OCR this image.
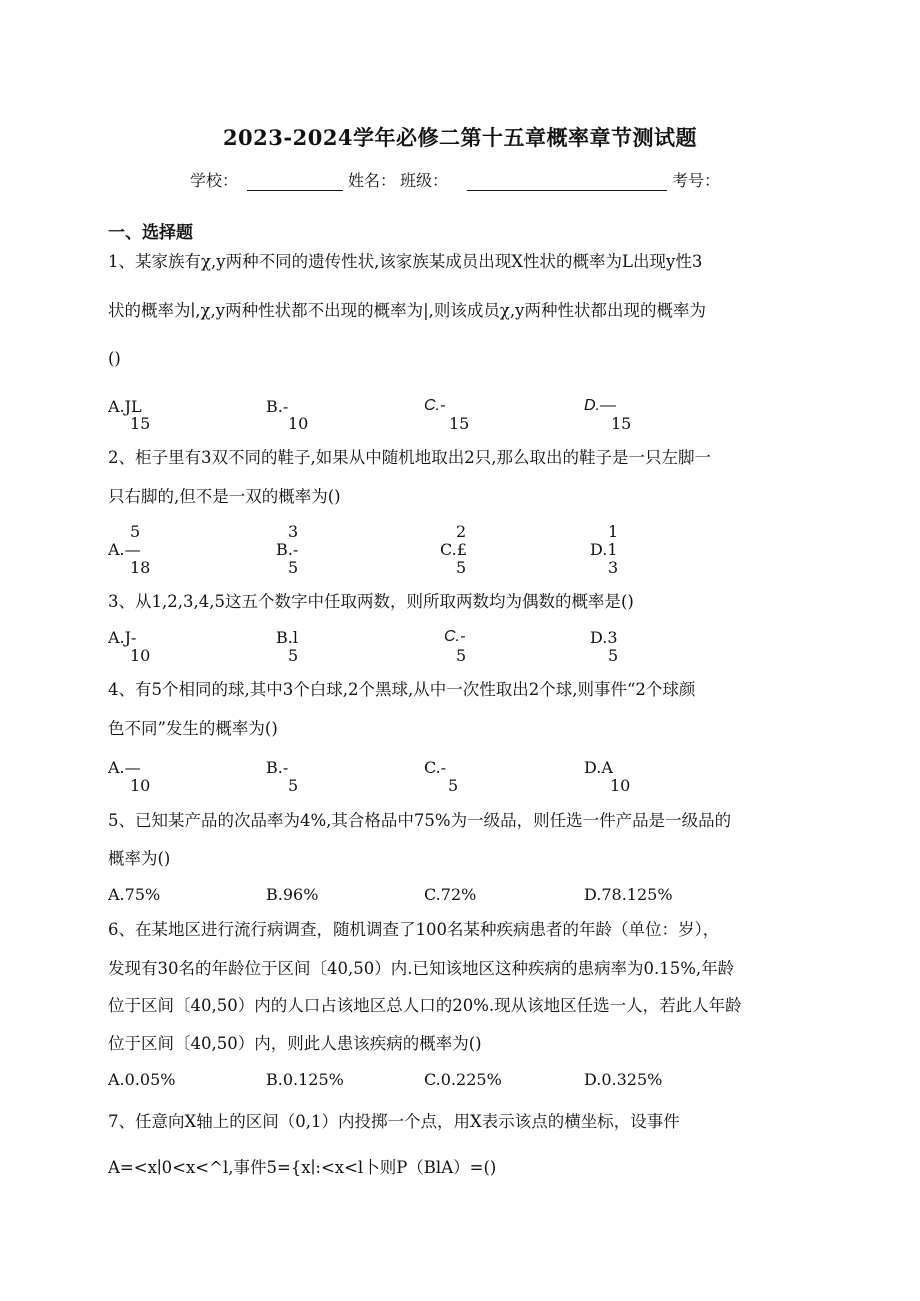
2023-2024学年必修二第十五章概率章节测试题
学校：	姓名： 班级：	考号：
一、选择题
1、某家族有χ,y两种不同的遗传性状,该家族某成员出现X性状的概率为L出现y性3
状的概率为∣,χ,y两种性状都不出现的概率为|,则该成员χ,y两种性状都出现的概率为
()
A.JL
15
B.-
10
C.-
15
D.—
15
2、柜子里有3双不同的鞋子,如果从中随机地取出2只,那么取出的鞋子是一只左脚一
只右脚的,但不是一双的概率为()
5
A.—
18
3
B.-
5
2
C.£
5
1
D.1
3
3、从1,2,3,4,5这五个数字中任取两数，则所取两数均为偶数的概率是()
A.J-
10
B.l
5
C.-
5
D.3
5
4、有5个相同的球,其中3个白球,2个黑球,从中一次性取出2个球,则事件“2个球颜
色不同”发生的概率为()
A.—
10
B.-
5
C.-
5
D.A
10
5、已知某产品的次品率为4%,其合格品中75%为一级品，则任选一件产品是一级品的
概率为()
A.75%	B.96%	C.72%	D.78.125%
6、在某地区进行流行病调查，随机调查了100名某种疾病患者的年龄（单位：岁），
发现有30名的年龄位于区间〔40,50）内.已知该地区这种疾病的患病率为0.15%,年龄
位于区间〔40,50）内的人口占该地区总人口的20%.现从该地区任选一人，若此人年龄
位于区间〔40,50）内，则此人患该疾病的概率为()
A.0.05%	B.0.125%	C.0.225%	D.0.325%
7、任意向X轴上的区间（0,1）内投掷一个点，用X表示该点的横坐标，设事件
A=<x∣0<x<^l,事件5={x∣:<x<l卜则P（BlA）=()
